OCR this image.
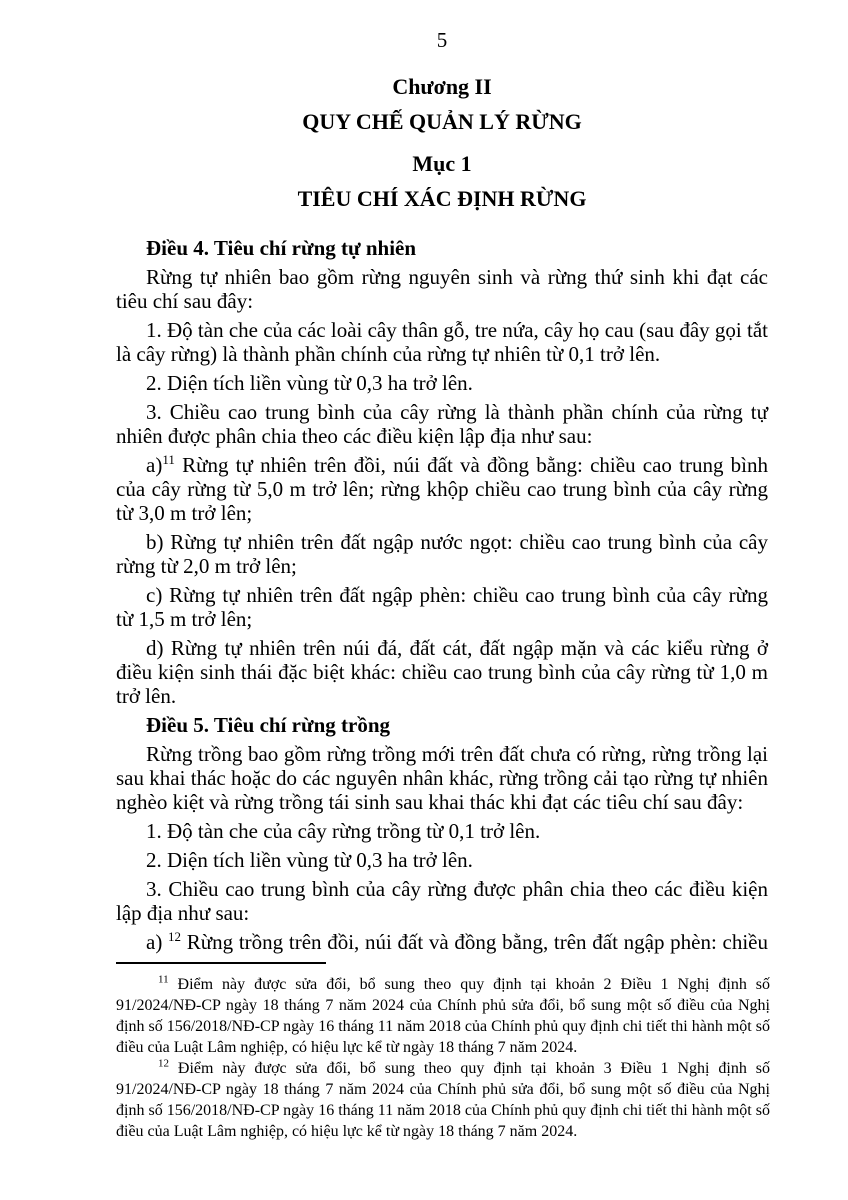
5
Chương II
QUY CHẾ QUẢN LÝ RỪNG
Mục 1
TIÊU CHÍ XÁC ĐỊNH RỪNG

Điều 4. Tiêu chí rừng tự nhiên

Rừng tự nhiên bao gồm rừng nguyên sinh và rừng thứ sinh khi đạt các tiêu chí sau đây:

1. Độ tàn che của các loài cây thân gỗ, tre nứa, cây họ cau (sau đây gọi tắt là cây rừng) là thành phần chính của rừng tự nhiên từ 0,1 trở lên.

2. Diện tích liền vùng từ 0,3 ha trở lên.

3. Chiều cao trung bình của cây rừng là thành phần chính của rừng tự nhiên được phân chia theo các điều kiện lập địa như sau:

a)$^{11}$ Rừng tự nhiên trên đồi, núi đất và đồng bằng: chiều cao trung bình của cây rừng từ 5,0 m trở lên; rừng khộp chiều cao trung bình của cây rừng từ 3,0 m trở lên;

b) Rừng tự nhiên trên đất ngập nước ngọt: chiều cao trung bình của cây rừng từ 2,0 m trở lên;

c) Rừng tự nhiên trên đất ngập phèn: chiều cao trung bình của cây rừng từ 1,5 m trở lên;

d) Rừng tự nhiên trên núi đá, đất cát, đất ngập mặn và các kiểu rừng ở điều kiện sinh thái đặc biệt khác: chiều cao trung bình của cây rừng từ 1,0 m trở lên.

Điều 5. Tiêu chí rừng trồng

Rừng trồng bao gồm rừng trồng mới trên đất chưa có rừng, rừng trồng lại sau khai thác hoặc do các nguyên nhân khác, rừng trồng cải tạo rừng tự nhiên nghèo kiệt và rừng trồng tái sinh sau khai thác khi đạt các tiêu chí sau đây:

1. Độ tàn che của cây rừng trồng từ 0,1 trở lên.

2. Diện tích liền vùng từ 0,3 ha trở lên.

3. Chiều cao trung bình của cây rừng được phân chia theo các điều kiện lập địa như sau:

a) $^{12}$ Rừng trồng trên đồi, núi đất và đồng bằng, trên đất ngập phèn: chiều

$^{11}$ Điểm này được sửa đổi, bổ sung theo quy định tại khoản 2 Điều 1 Nghị định số 91/2024/NĐ-CP ngày 18 tháng 7 năm 2024 của Chính phủ sửa đổi, bổ sung một số điều của Nghị định số 156/2018/NĐ-CP ngày 16 tháng 11 năm 2018 của Chính phủ quy định chi tiết thi hành một số điều của Luật Lâm nghiệp, có hiệu lực kể từ ngày 18 tháng 7 năm 2024.

$^{12}$ Điểm này được sửa đổi, bổ sung theo quy định tại khoản 3 Điều 1 Nghị định số 91/2024/NĐ-CP ngày 18 tháng 7 năm 2024 của Chính phủ sửa đổi, bổ sung một số điều của Nghị định số 156/2018/NĐ-CP ngày 16 tháng 11 năm 2018 của Chính phủ quy định chi tiết thi hành một số điều của Luật Lâm nghiệp, có hiệu lực kể từ ngày 18 tháng 7 năm 2024.
